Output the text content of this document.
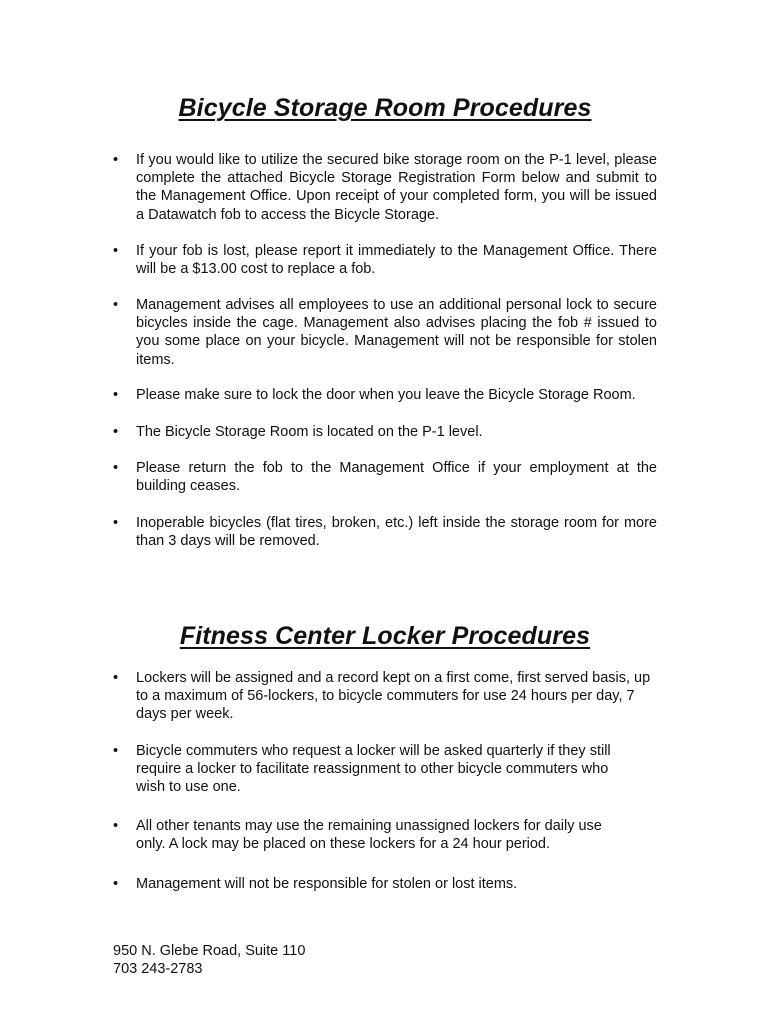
Bicycle Storage Room Procedures
• If you would like to utilize the secured bike storage room on the P-1 level, please complete the attached Bicycle Storage Registration Form below and submit to the Management Office. Upon receipt of your completed form, you will be issued a Datawatch fob to access the Bicycle Storage.

• If your fob is lost, please report it immediately to the Management Office. There will be a $13.00 cost to replace a fob.

• Management advises all employees to use an additional personal lock to secure bicycles inside the cage. Management also advises placing the fob # issued to you some place on your bicycle. Management will not be responsible for stolen items.

• Please make sure to lock the door when you leave the Bicycle Storage Room.

• The Bicycle Storage Room is located on the P-1 level.

• Please return the fob to the Management Office if your employment at the building ceases.

• Inoperable bicycles (flat tires, broken, etc.) left inside the storage room for more than 3 days will be removed.

Fitness Center Locker Procedures
• Lockers will be assigned and a record kept on a first come, first served basis, up to a maximum of 56-lockers, to bicycle commuters for use 24 hours per day, 7 days per week.

• Bicycle commuters who request a locker will be asked quarterly if they still require a locker to facilitate reassignment to other bicycle commuters who wish to use one.

• All other tenants may use the remaining unassigned lockers for daily use only. A lock may be placed on these lockers for a 24 hour period.

• Management will not be responsible for stolen or lost items.

950 N. Glebe Road, Suite 110
703 243-2783
